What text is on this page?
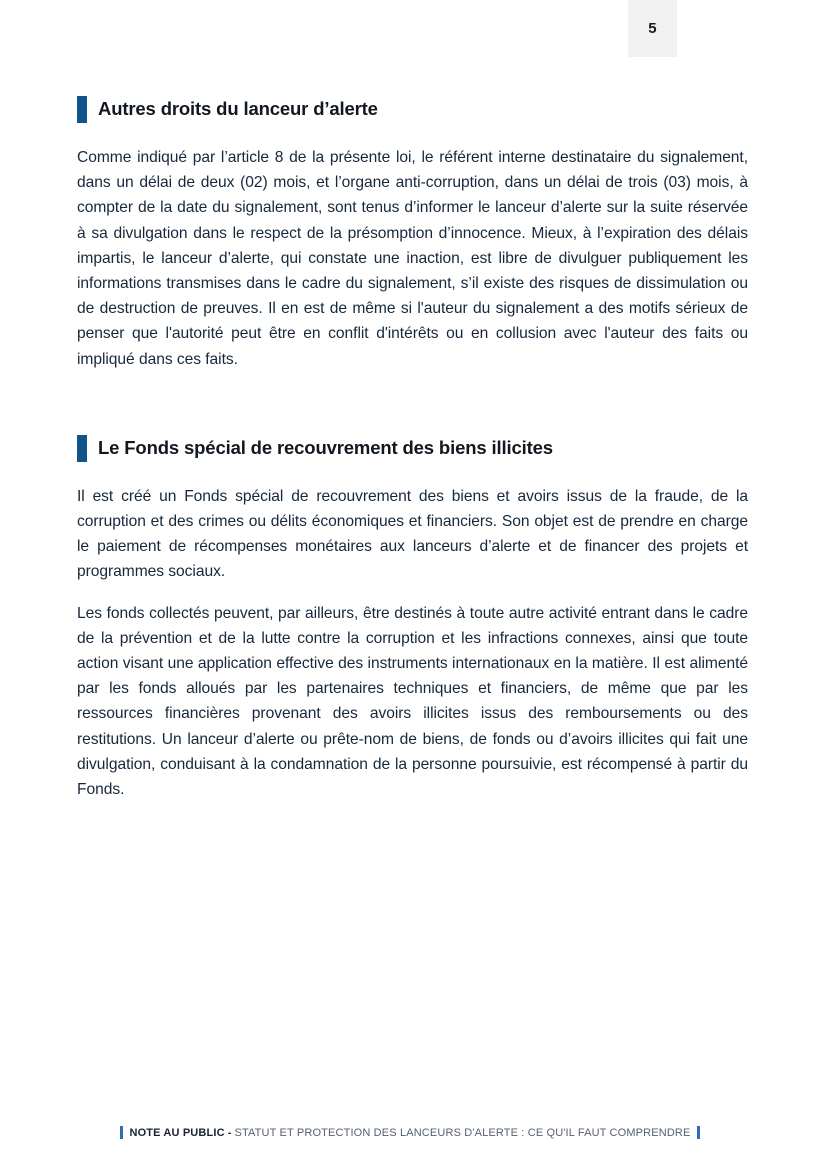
5
Autres droits du lanceur d’alerte

Comme indiqué par l’article 8 de la présente loi, le référent interne destinataire du signalement, dans un délai de deux (02) mois, et l’organe anti-corruption, dans un délai de trois (03) mois, à compter de la date du signalement, sont tenus d’informer le lanceur d’alerte sur la suite réservée à sa divulgation dans le respect de la présomption d’innocence. Mieux, à l’expiration des délais impartis, le lanceur d’alerte, qui constate une inaction, est libre de divulguer publiquement les informations transmises dans le cadre du signalement, s’il existe des risques de dissimulation ou de destruction de preuves. Il en est de même si l'auteur du signalement a des motifs sérieux de penser que l'autorité peut être en conflit d'intérêts ou en collusion avec l'auteur des faits ou impliqué dans ces faits.

Le Fonds spécial de recouvrement des biens illicites

Il est créé un Fonds spécial de recouvrement des biens et avoirs issus de la fraude, de la corruption et des crimes ou délits économiques et financiers. Son objet est de prendre en charge le paiement de récompenses monétaires aux lanceurs d’alerte et de financer des projets et programmes sociaux.

Les fonds collectés peuvent, par ailleurs, être destinés à toute autre activité entrant dans le cadre de la prévention et de la lutte contre la corruption et les infractions connexes, ainsi que toute action visant une application effective des instruments internationaux en la matière. Il est alimenté par les fonds alloués par les partenaires techniques et financiers, de même que par les ressources financières provenant des avoirs illicites issus des remboursements ou des restitutions. Un lanceur d’alerte ou prête-nom de biens, de fonds ou d’avoirs illicites qui fait une divulgation, conduisant à la condamnation de la personne poursuivie, est récompensé à partir du Fonds.

NOTE AU PUBLIC - STATUT ET PROTECTION DES LANCEURS D'ALERTE : CE QU'IL FAUT COMPRENDRE
